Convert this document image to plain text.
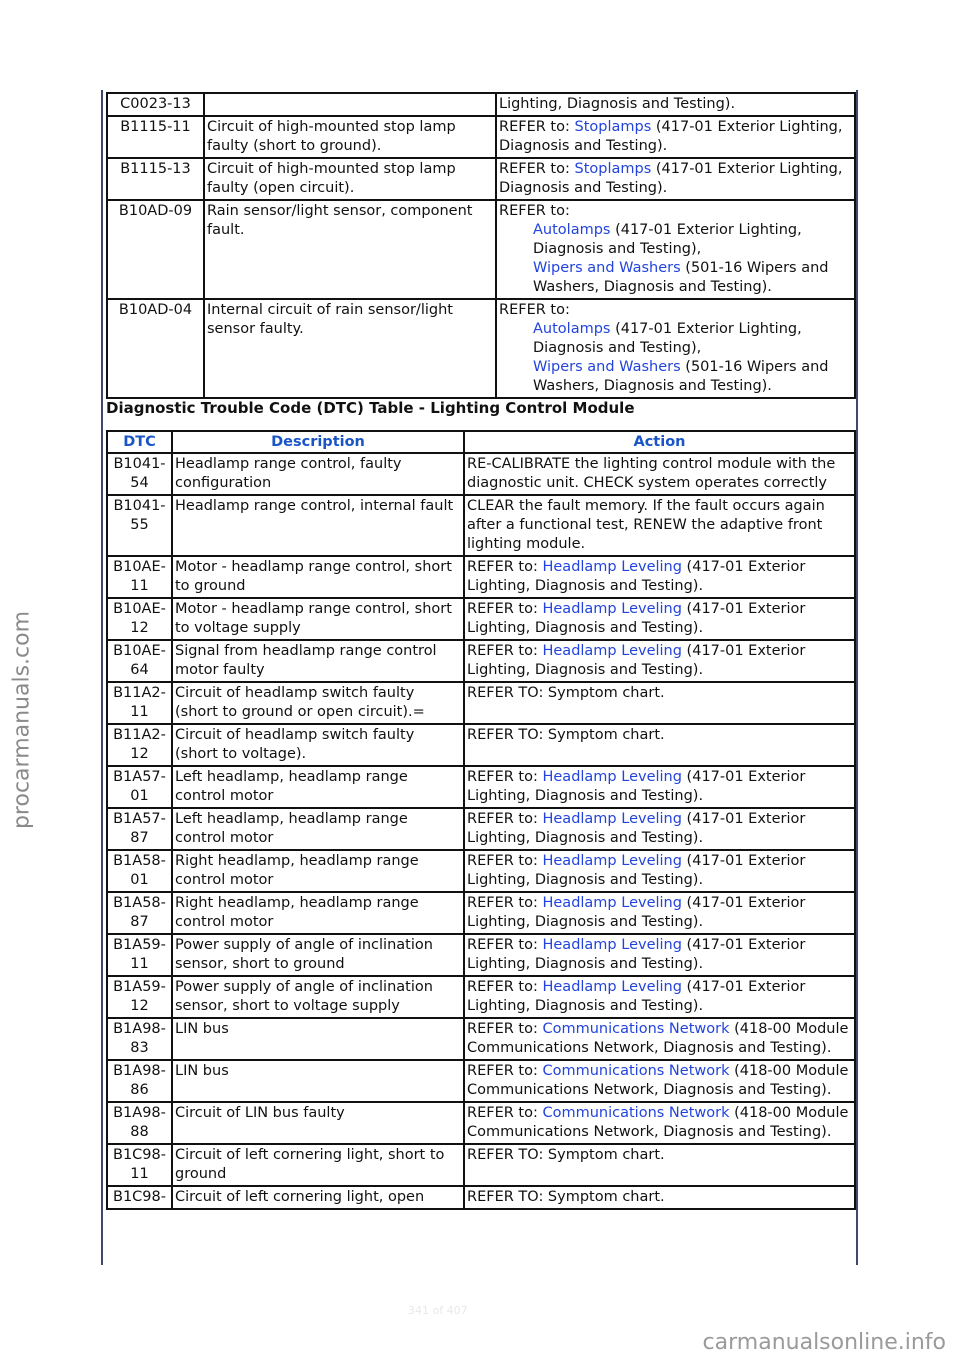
C0023-13		Lighting, Diagnosis and Testing).

B1115-11	Circuit of high-mounted stop lamp faulty (short to ground).	REFER to: Stoplamps (417-01 Exterior Lighting, Diagnosis and Testing).

B1115-13	Circuit of high-mounted stop lamp faulty (open circuit).	REFER to: Stoplamps (417-01 Exterior Lighting, Diagnosis and Testing).

B10AD-09	Rain sensor/light sensor, component fault.	REFER to:
Autolamps (417-01 Exterior Lighting, Diagnosis and Testing),
Wipers and Washers (501-16 Wipers and Washers, Diagnosis and Testing).

B10AD-04	Internal circuit of rain sensor/light sensor faulty.	REFER to:
Autolamps (417-01 Exterior Lighting, Diagnosis and Testing),
Wipers and Washers (501-16 Wipers and Washers, Diagnosis and Testing).
Diagnostic Trouble Code (DTC) Table - Lighting Control Module
DTC	Description	Action
B1041-54	Headlamp range control, faulty configuration	RE-CALIBRATE the lighting control module with the diagnostic unit. CHECK system operates correctly

B1041-55	Headlamp range control, internal fault	CLEAR the fault memory. If the fault occurs again after a functional test, RENEW the adaptive front lighting module.

B10AE-11	Motor - headlamp range control, short to ground	REFER to: Headlamp Leveling (417-01 Exterior Lighting, Diagnosis and Testing).

B10AE-12	Motor - headlamp range control, short to voltage supply	REFER to: Headlamp Leveling (417-01 Exterior Lighting, Diagnosis and Testing).

B10AE-64	Signal from headlamp range control motor faulty	REFER to: Headlamp Leveling (417-01 Exterior Lighting, Diagnosis and Testing).

B11A2-11	Circuit of headlamp switch faulty (short to ground or open circuit).=	REFER TO: Symptom chart.

B11A2-12	Circuit of headlamp switch faulty (short to voltage).	REFER TO: Symptom chart.

B1A57-01	Left headlamp, headlamp range control motor	REFER to: Headlamp Leveling (417-01 Exterior Lighting, Diagnosis and Testing).

B1A57-87	Left headlamp, headlamp range control motor	REFER to: Headlamp Leveling (417-01 Exterior Lighting, Diagnosis and Testing).

B1A58-01	Right headlamp, headlamp range control motor	REFER to: Headlamp Leveling (417-01 Exterior Lighting, Diagnosis and Testing).

B1A58-87	Right headlamp, headlamp range control motor	REFER to: Headlamp Leveling (417-01 Exterior Lighting, Diagnosis and Testing).

B1A59-11	Power supply of angle of inclination sensor, short to ground	REFER to: Headlamp Leveling (417-01 Exterior Lighting, Diagnosis and Testing).

B1A59-12	Power supply of angle of inclination sensor, short to voltage supply	REFER to: Headlamp Leveling (417-01 Exterior Lighting, Diagnosis and Testing).

B1A98-83	LIN bus	REFER to: Communications Network (418-00 Module Communications Network, Diagnosis and Testing).

B1A98-86	LIN bus	REFER to: Communications Network (418-00 Module Communications Network, Diagnosis and Testing).

B1A98-88	Circuit of LIN bus faulty	REFER to: Communications Network (418-00 Module Communications Network, Diagnosis and Testing).

B1C98-11	Circuit of left cornering light, short to ground	REFER TO: Symptom chart.

B1C98-	Circuit of left cornering light, open	REFER TO: Symptom chart.
procarmanuals.com
341 of 407
carmanualsonline.info
